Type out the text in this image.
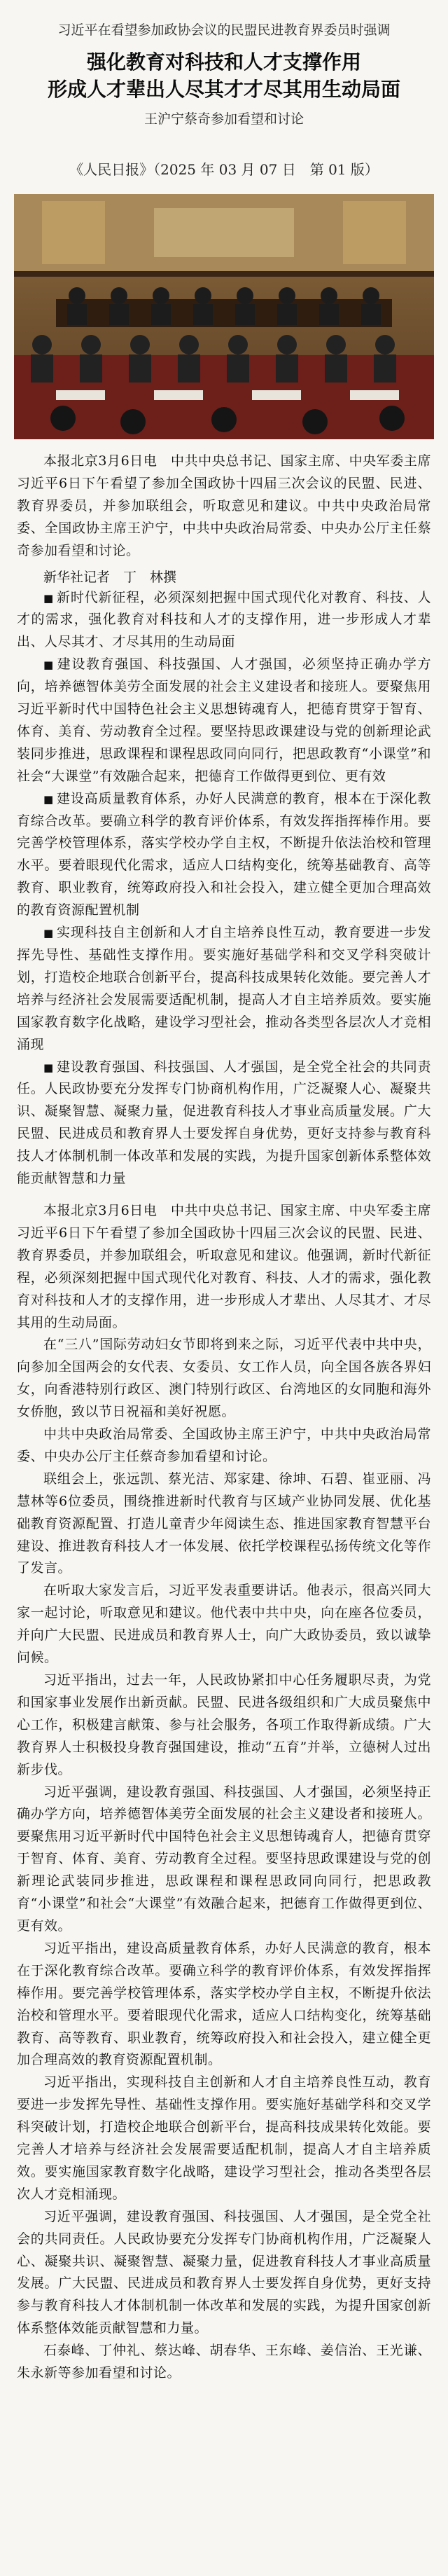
习近平在看望参加政协会议的民盟民进教育界委员时强调
强化教育对科技和人才支撑作用
形成人才辈出人尽其才才尽其用生动局面
王沪宁蔡奇参加看望和讨论
《人民日报》（2025 年 03 月 07 日　第 01 版）
本报北京3月6日电　中共中央总书记、国家主席、中央军委主席习近平6日下午看望了参加全国政协十四届三次会议的民盟、民进、教育界委员，并参加联组会，听取意见和建议。中共中央政治局常委、全国政协主席王沪宁，中共中央政治局常委、中央办公厅主任蔡奇参加看望和讨论。
新华社记者　丁　林撰
■ 新时代新征程，必须深刻把握中国式现代化对教育、科技、人才的需求，强化教育对科技和人才的支撑作用，进一步形成人才辈出、人尽其才、才尽其用的生动局面
■ 建设教育强国、科技强国、人才强国，必须坚持正确办学方向，培养德智体美劳全面发展的社会主义建设者和接班人。要聚焦用习近平新时代中国特色社会主义思想铸魂育人，把德育贯穿于智育、体育、美育、劳动教育全过程。要坚持思政课建设与党的创新理论武装同步推进，思政课程和课程思政同向同行，把思政教育“小课堂”和社会“大课堂”有效融合起来，把德育工作做得更到位、更有效
■ 建设高质量教育体系，办好人民满意的教育，根本在于深化教育综合改革。要确立科学的教育评价体系，有效发挥指挥棒作用。要完善学校管理体系，落实学校办学自主权，不断提升依法治校和管理水平。要着眼现代化需求，适应人口结构变化，统筹基础教育、高等教育、职业教育，统筹政府投入和社会投入，建立健全更加合理高效的教育资源配置机制
■ 实现科技自主创新和人才自主培养良性互动，教育要进一步发挥先导性、基础性支撑作用。要实施好基础学科和交叉学科突破计划，打造校企地联合创新平台，提高科技成果转化效能。要完善人才培养与经济社会发展需要适配机制，提高人才自主培养质效。要实施国家教育数字化战略，建设学习型社会，推动各类型各层次人才竞相涌现
■ 建设教育强国、科技强国、人才强国，是全党全社会的共同责任。人民政协要充分发挥专门协商机构作用，广泛凝聚人心、凝聚共识、凝聚智慧、凝聚力量，促进教育科技人才事业高质量发展。广大民盟、民进成员和教育界人士要发挥自身优势，更好支持参与教育科技人才体制机制一体改革和发展的实践，为提升国家创新体系整体效能贡献智慧和力量
本报北京3月6日电　中共中央总书记、国家主席、中央军委主席习近平6日下午看望了参加全国政协十四届三次会议的民盟、民进、教育界委员，并参加联组会，听取意见和建议。他强调，新时代新征程，必须深刻把握中国式现代化对教育、科技、人才的需求，强化教育对科技和人才的支撑作用，进一步形成人才辈出、人尽其才、才尽其用的生动局面。
在“三八”国际劳动妇女节即将到来之际，习近平代表中共中央，向参加全国两会的女代表、女委员、女工作人员，向全国各族各界妇女，向香港特别行政区、澳门特别行政区、台湾地区的女同胞和海外女侨胞，致以节日祝福和美好祝愿。
中共中央政治局常委、全国政协主席王沪宁，中共中央政治局常委、中央办公厅主任蔡奇参加看望和讨论。
联组会上，张远凯、蔡光洁、郑家建、徐坤、石碧、崔亚丽、冯慧林等6位委员，围绕推进新时代教育与区域产业协同发展、优化基础教育资源配置、打造儿童青少年阅读生态、推进国家教育智慧平台建设、推进教育科技人才一体发展、依托学校课程弘扬传统文化等作了发言。
在听取大家发言后，习近平发表重要讲话。他表示，很高兴同大家一起讨论，听取意见和建议。他代表中共中央，向在座各位委员，并向广大民盟、民进成员和教育界人士，向广大政协委员，致以诚挚问候。
习近平指出，过去一年，人民政协紧扣中心任务履职尽责，为党和国家事业发展作出新贡献。民盟、民进各级组织和广大成员聚焦中心工作，积极建言献策、参与社会服务，各项工作取得新成绩。广大教育界人士积极投身教育强国建设，推动“五育”并举，立德树人过出新步伐。
习近平强调，建设教育强国、科技强国、人才强国，必须坚持正确办学方向，培养德智体美劳全面发展的社会主义建设者和接班人。要聚焦用习近平新时代中国特色社会主义思想铸魂育人，把德育贯穿于智育、体育、美育、劳动教育全过程。要坚持思政课建设与党的创新理论武装同步推进，思政课程和课程思政同向同行，把思政教育“小课堂”和社会“大课堂”有效融合起来，把德育工作做得更到位、更有效。
习近平指出，建设高质量教育体系，办好人民满意的教育，根本在于深化教育综合改革。要确立科学的教育评价体系，有效发挥指挥棒作用。要完善学校管理体系，落实学校办学自主权，不断提升依法治校和管理水平。要着眼现代化需求，适应人口结构变化，统筹基础教育、高等教育、职业教育，统筹政府投入和社会投入，建立健全更加合理高效的教育资源配置机制。
习近平指出，实现科技自主创新和人才自主培养良性互动，教育要进一步发挥先导性、基础性支撑作用。要实施好基础学科和交叉学科突破计划，打造校企地联合创新平台，提高科技成果转化效能。要完善人才培养与经济社会发展需要适配机制，提高人才自主培养质效。要实施国家教育数字化战略，建设学习型社会，推动各类型各层次人才竞相涌现。
习近平强调，建设教育强国、科技强国、人才强国，是全党全社会的共同责任。人民政协要充分发挥专门协商机构作用，广泛凝聚人心、凝聚共识、凝聚智慧、凝聚力量，促进教育科技人才事业高质量发展。广大民盟、民进成员和教育界人士要发挥自身优势，更好支持参与教育科技人才体制机制一体改革和发展的实践，为提升国家创新体系整体效能贡献智慧和力量。
石泰峰、丁仲礼、蔡达峰、胡春华、王东峰、姜信治、王光谦、朱永新等参加看望和讨论。
